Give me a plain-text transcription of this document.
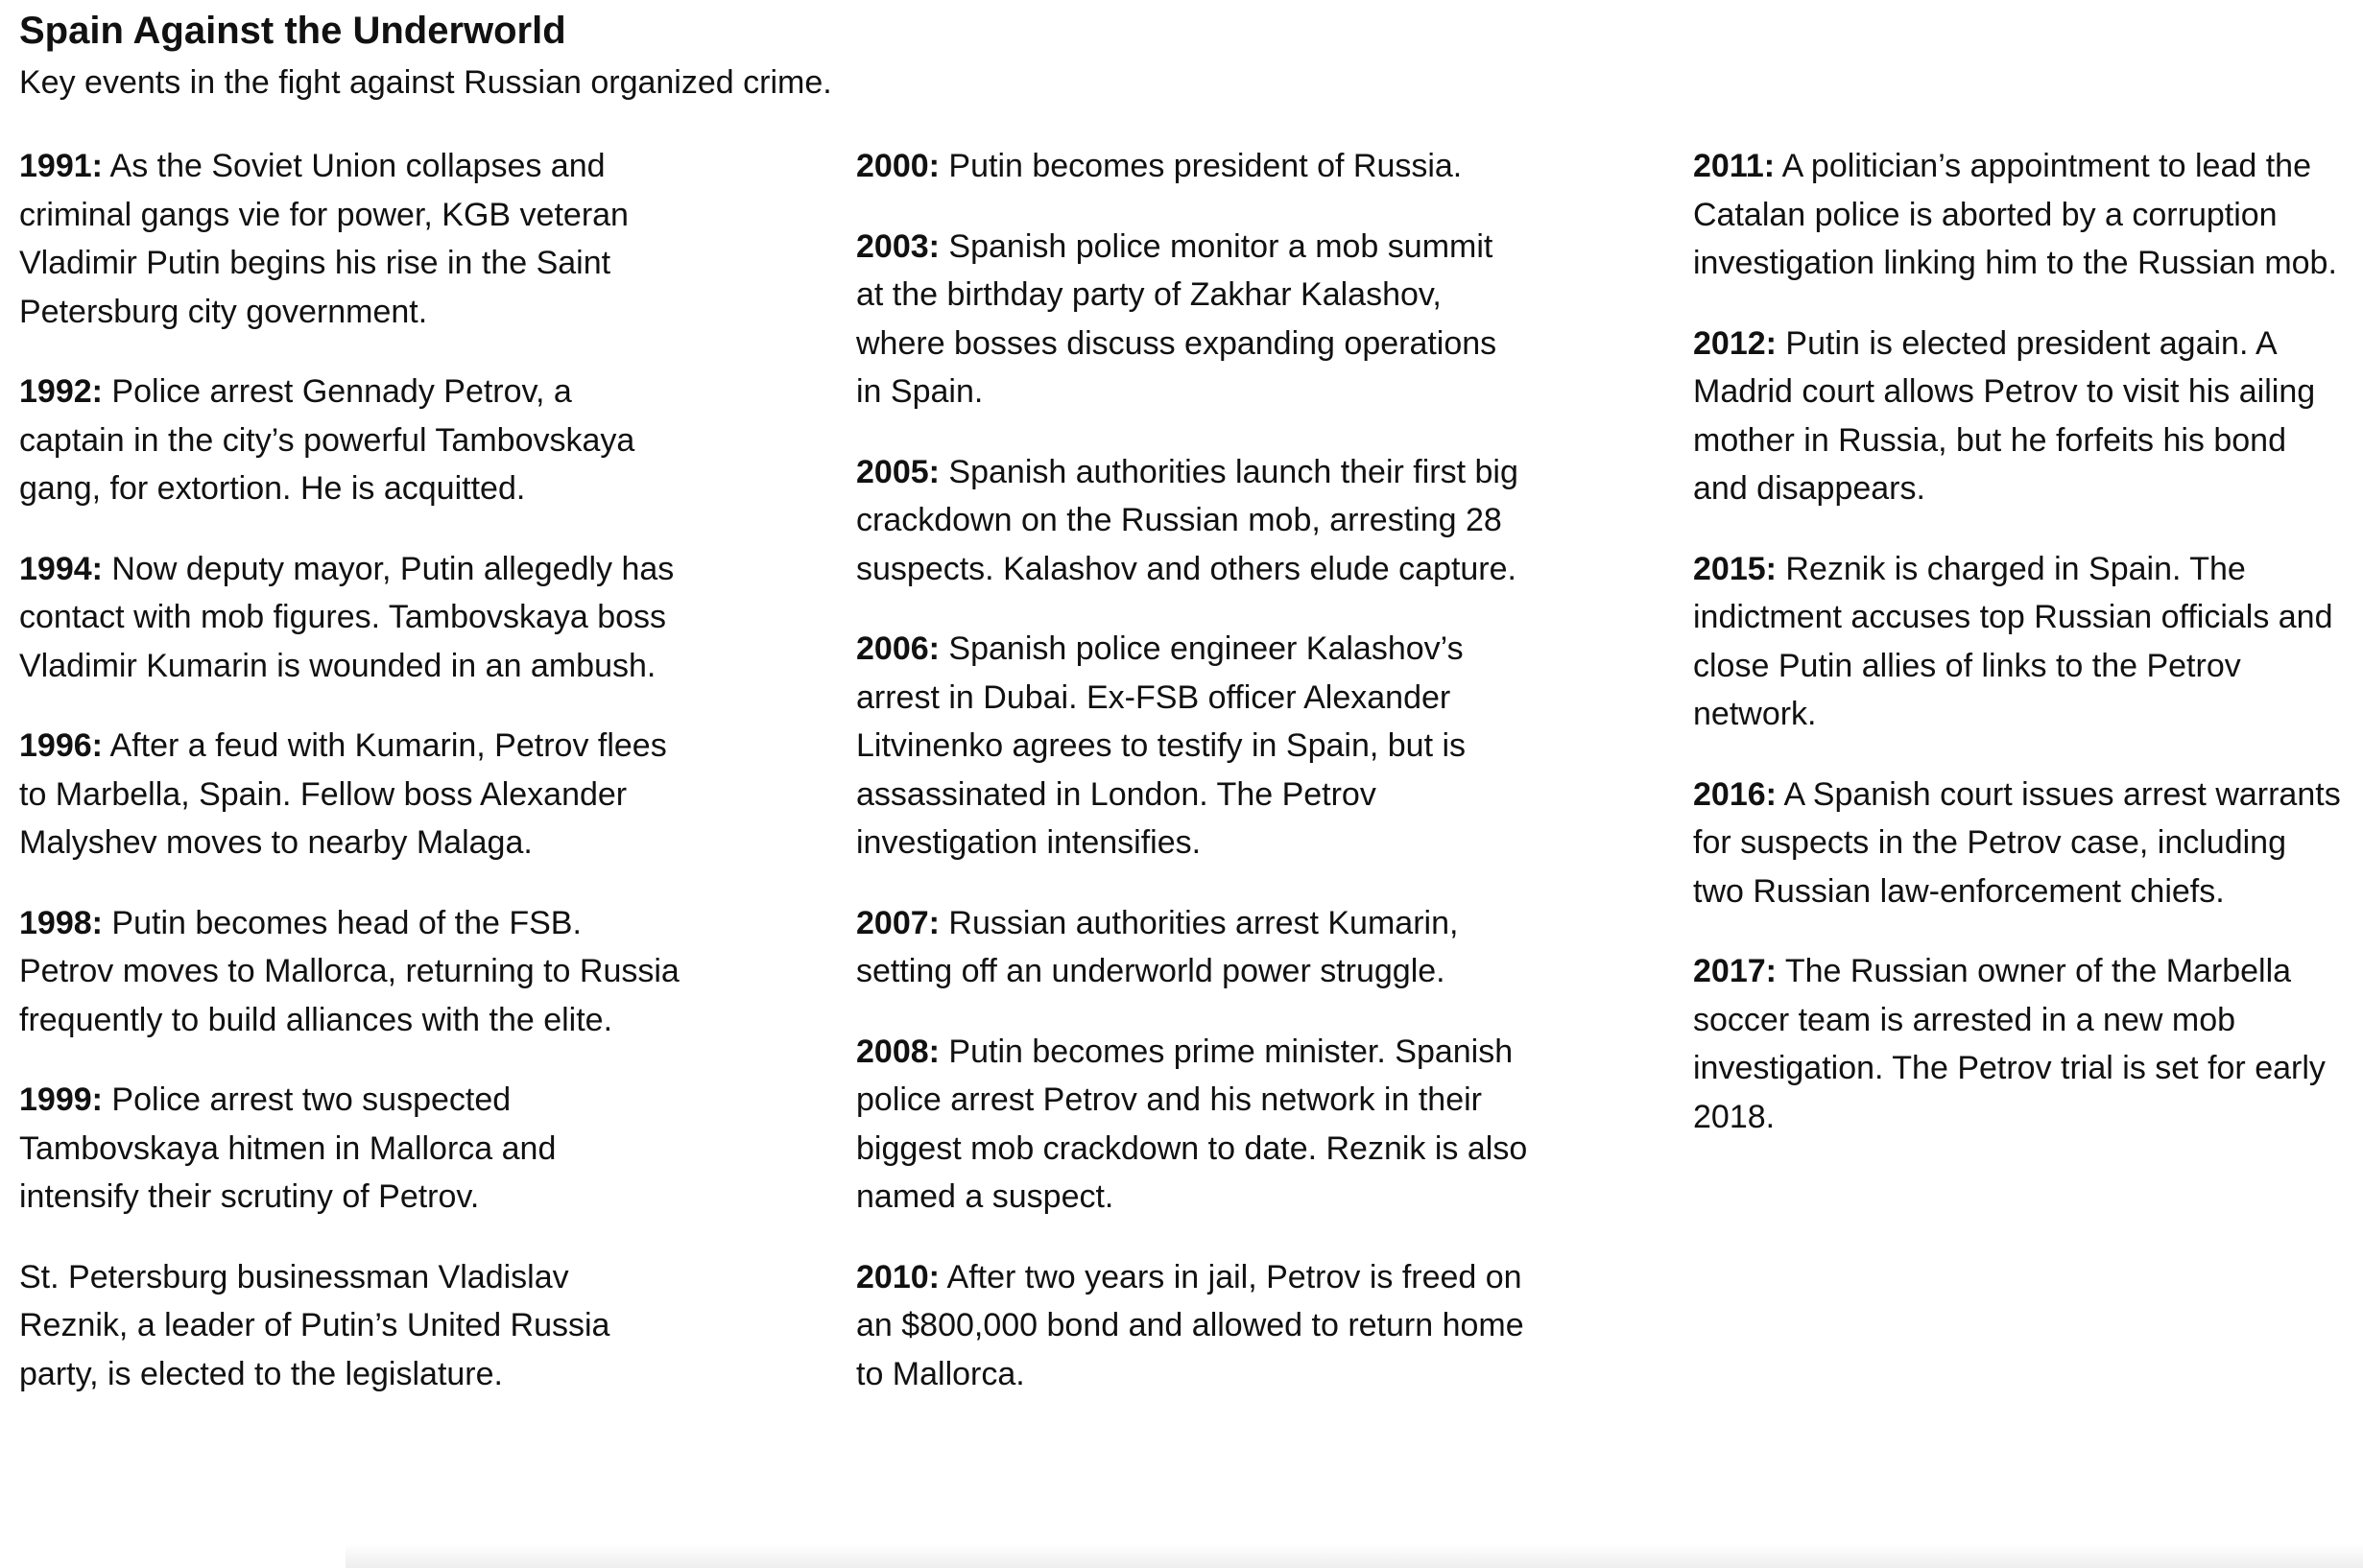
Spain Against the Underworld

Key events in the fight against Russian organized crime.

1991: As the Soviet Union collapses and criminal gangs vie for power, KGB veteran Vladimir Putin begins his rise in the Saint Petersburg city government.

1992: Police arrest Gennady Petrov, a captain in the city’s powerful Tambovskaya gang, for extortion. He is acquitted.

1994: Now deputy mayor, Putin allegedly has contact with mob figures. Tambovskaya boss Vladimir Kumarin is wounded in an ambush.

1996: After a feud with Kumarin, Petrov flees to Marbella, Spain. Fellow boss Alexander Malyshev moves to nearby Malaga.

1998: Putin becomes head of the FSB. Petrov moves to Mallorca, returning to Russia frequently to build alliances with the elite.

1999: Police arrest two suspected Tambovskaya hitmen in Mallorca and intensify their scrutiny of Petrov.

St. Petersburg businessman Vladislav Reznik, a leader of Putin’s United Russia party, is elected to the legislature.

2000: Putin becomes president of Russia.

2003: Spanish police monitor a mob summit at the birthday party of Zakhar Kalashov, where bosses discuss expanding operations in Spain.

2005: Spanish authorities launch their first big crackdown on the Russian mob, arresting 28 suspects. Kalashov and others elude capture.

2006: Spanish police engineer Kalashov’s arrest in Dubai. Ex-FSB officer Alexander Litvinenko agrees to testify in Spain, but is assassinated in London. The Petrov investigation intensifies.

2007: Russian authorities arrest Kumarin, setting off an underworld power struggle.

2008: Putin becomes prime minister. Spanish police arrest Petrov and his network in their biggest mob crackdown to date. Reznik is also named a suspect.

2010: After two years in jail, Petrov is freed on an $800,000 bond and allowed to return home to Mallorca.

2011: A politician’s appointment to lead the Catalan police is aborted by a corruption investigation linking him to the Russian mob.

2012: Putin is elected president again. A Madrid court allows Petrov to visit his ailing mother in Russia, but he forfeits his bond and disappears.

2015: Reznik is charged in Spain. The indictment accuses top Russian officials and close Putin allies of links to the Petrov network.

2016: A Spanish court issues arrest warrants for suspects in the Petrov case, including two Russian law-enforcement chiefs.

2017: The Russian owner of the Marbella soccer team is arrested in a new mob investigation. The Petrov trial is set for early 2018.
